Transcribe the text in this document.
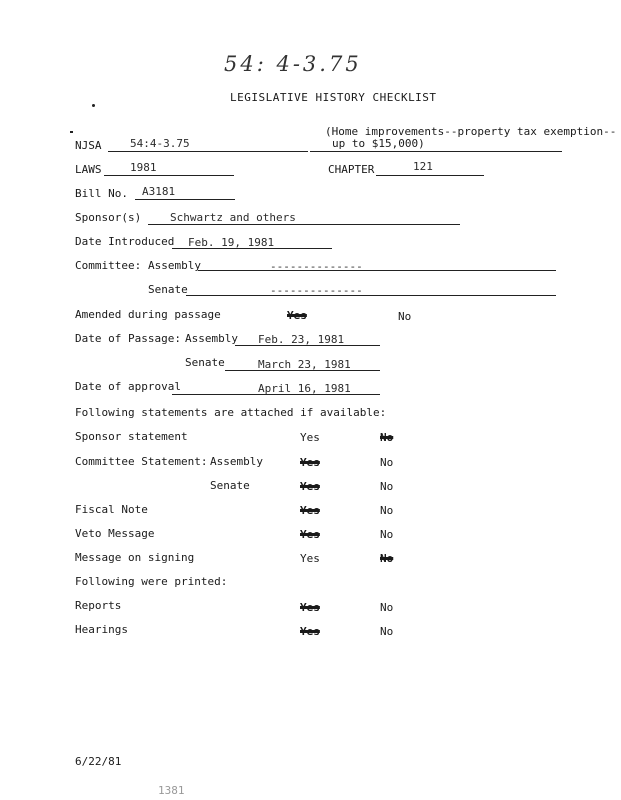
54: 4-3.75
LEGISLATIVE HISTORY CHECKLIST
NJSA	54:4-3.75
(Home improvements--property tax exemption--
up to $15,000)
LAWS	1981	CHAPTER	121
Bill No. A3181
Sponsor(s)	Schwartz and others
Date Introduced Feb. 19, 1981
Committee: Assembly	--------------
Senate	--------------
Amended during passage	Yes	No
Date of Passage: Assembly Feb. 23, 1981
Senate	March 23, 1981
Date of approval	April 16, 1981
Following statements are attached if available:
Sponsor statement	Yes	No
Committee Statement: Assembly	Yes	No
Senate	Yes	No
Fiscal Note	Yes	No
Veto Message	Yes	No
Message on signing	Yes	No
Following were printed:
Reports	Yes	No
Hearings	Yes	No
6/22/81
1381
